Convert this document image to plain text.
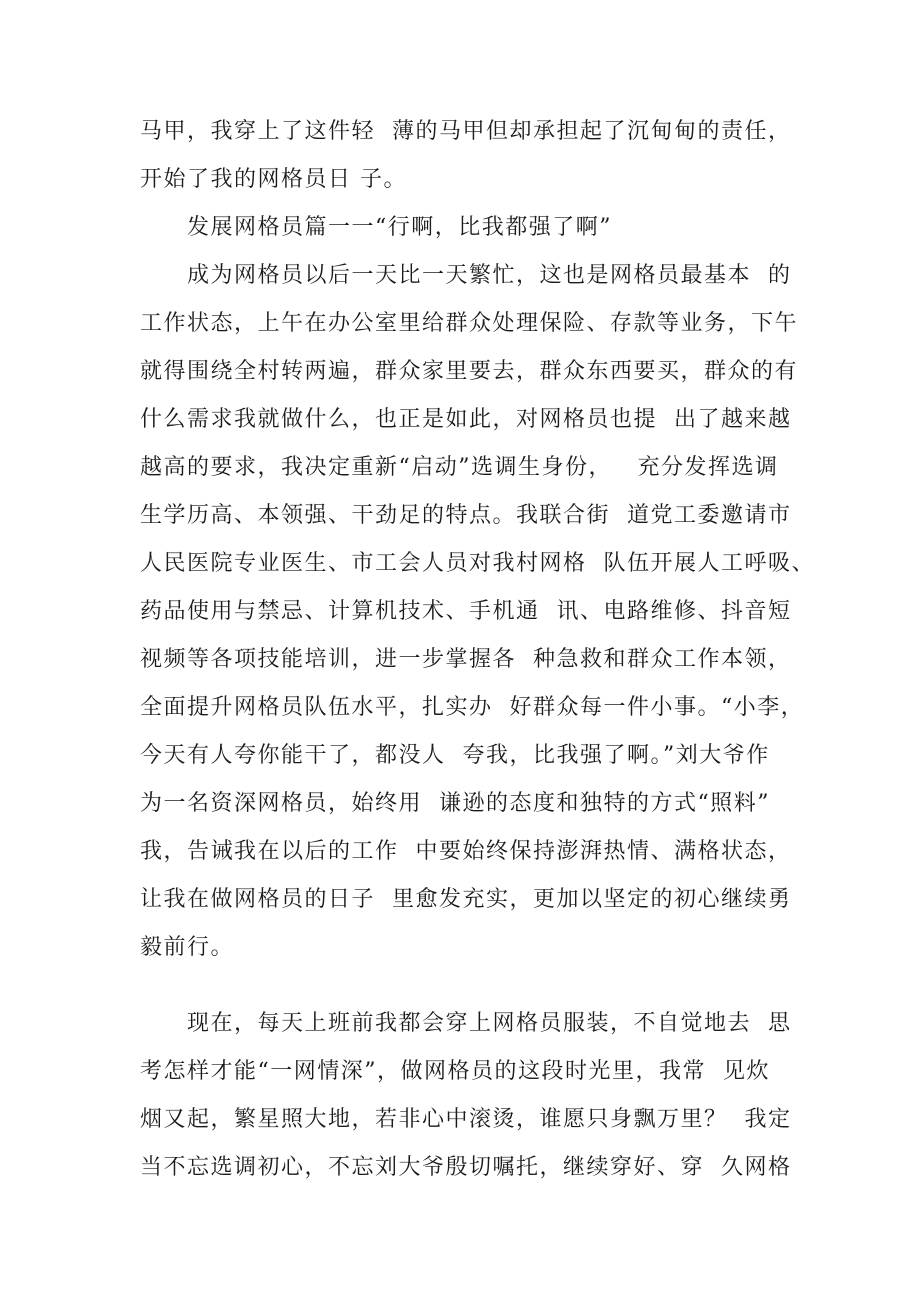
马甲，我穿上了这件轻  薄的马甲但却承担起了沉甸甸的责任，
开始了我的网格员日 子。
发展网格员篇一一“行啊，比我都强了啊”
成为网格员以后一天比一天繁忙，这也是网格员最基本  的
工作状态，上午在办公室里给群众处理保险、存款等业务，下午
就得围绕全村转两遍，群众家里要去，群众东西要买，群众的有
什么需求我就做什么，也正是如此，对网格员也提  出了越来越
越高的要求，我决定重新“启动”选调生身份，   充分发挥选调
生学历高、本领强、干劲足的特点。我联合街  道党工委邀请市
人民医院专业医生、市工会人员对我村网格  队伍开展人工呼吸、
药品使用与禁忌、计算机技术、手机通  讯、电路维修、抖音短
视频等各项技能培训，进一步掌握各  种急救和群众工作本领，
全面提升网格员队伍水平，扎实办  好群众每一件小事。“小李，
今天有人夸你能干了，都没人  夸我，比我强了啊。”刘大爷作
为一名资深网格员，始终用  谦逊的态度和独特的方式“照料”
我，告诫我在以后的工作  中要始终保持澎湃热情、满格状态，
让我在做网格员的日子  里愈发充实，更加以坚定的初心继续勇
毅前行。
现在，每天上班前我都会穿上网格员服装，不自觉地去  思
考怎样才能“一网情深”，做网格员的这段时光里，我常  见炊
烟又起，繁星照大地，若非心中滚烫，谁愿只身飘万里？  我定
当不忘选调初心，不忘刘大爷殷切嘱托，继续穿好、穿  久网格
